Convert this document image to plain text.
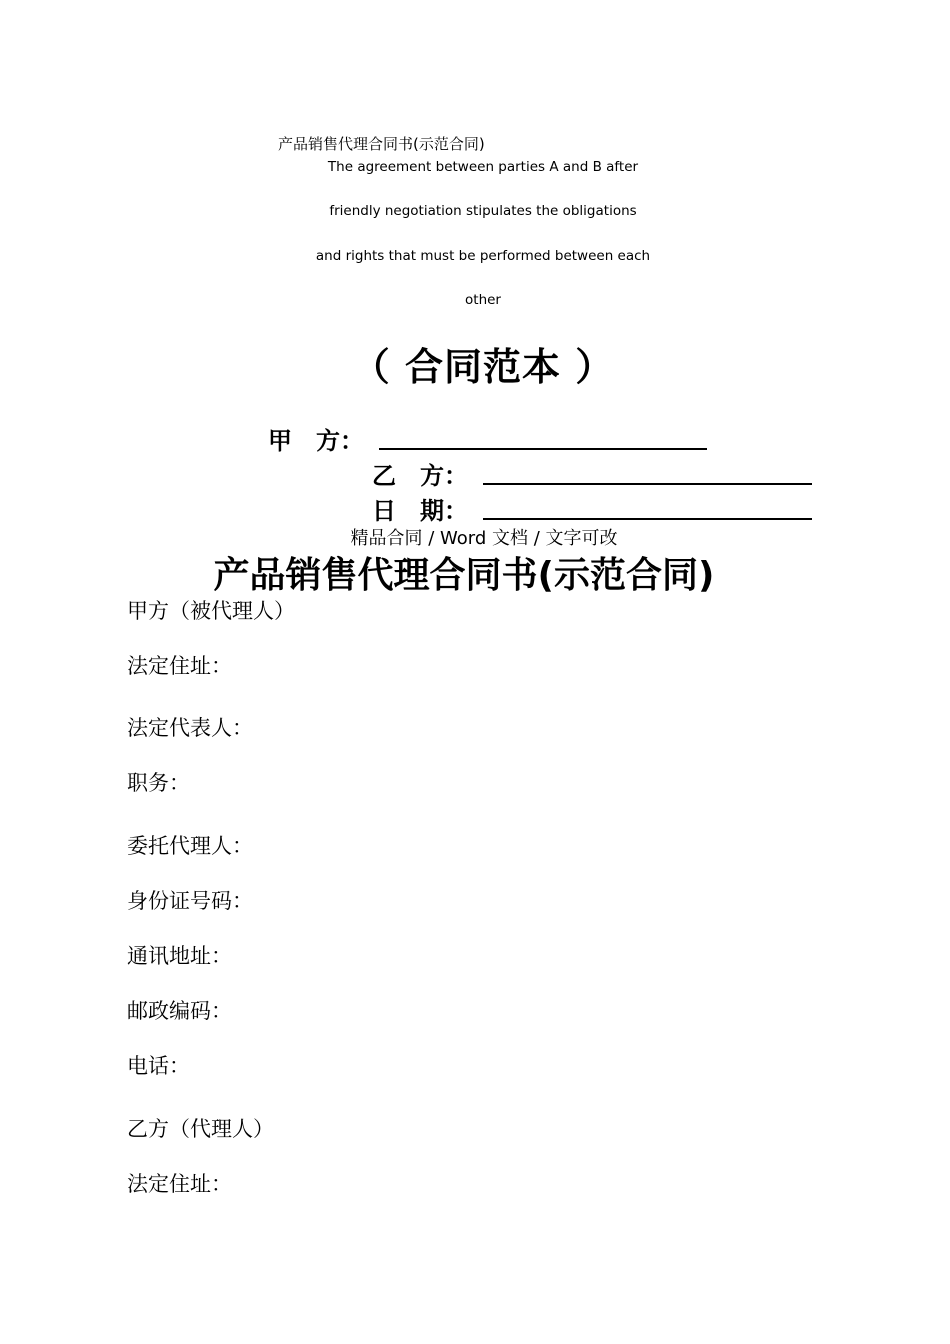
产品销售代理合同书(示范合同)
The agreement between parties A and B after
friendly negotiation stipulates the obligations
and rights that must be performed between each
other
（ 合同范本 ）
甲　方：
乙　方：
日　期：
精品合同 / Word 文档 / 文字可改
产品销售代理合同书(示范合同)
甲方（被代理人）
法定住址：
法定代表人：
职务：
委托代理人：
身份证号码：
通讯地址：
邮政编码：
电话：
乙方（代理人）
法定住址：
